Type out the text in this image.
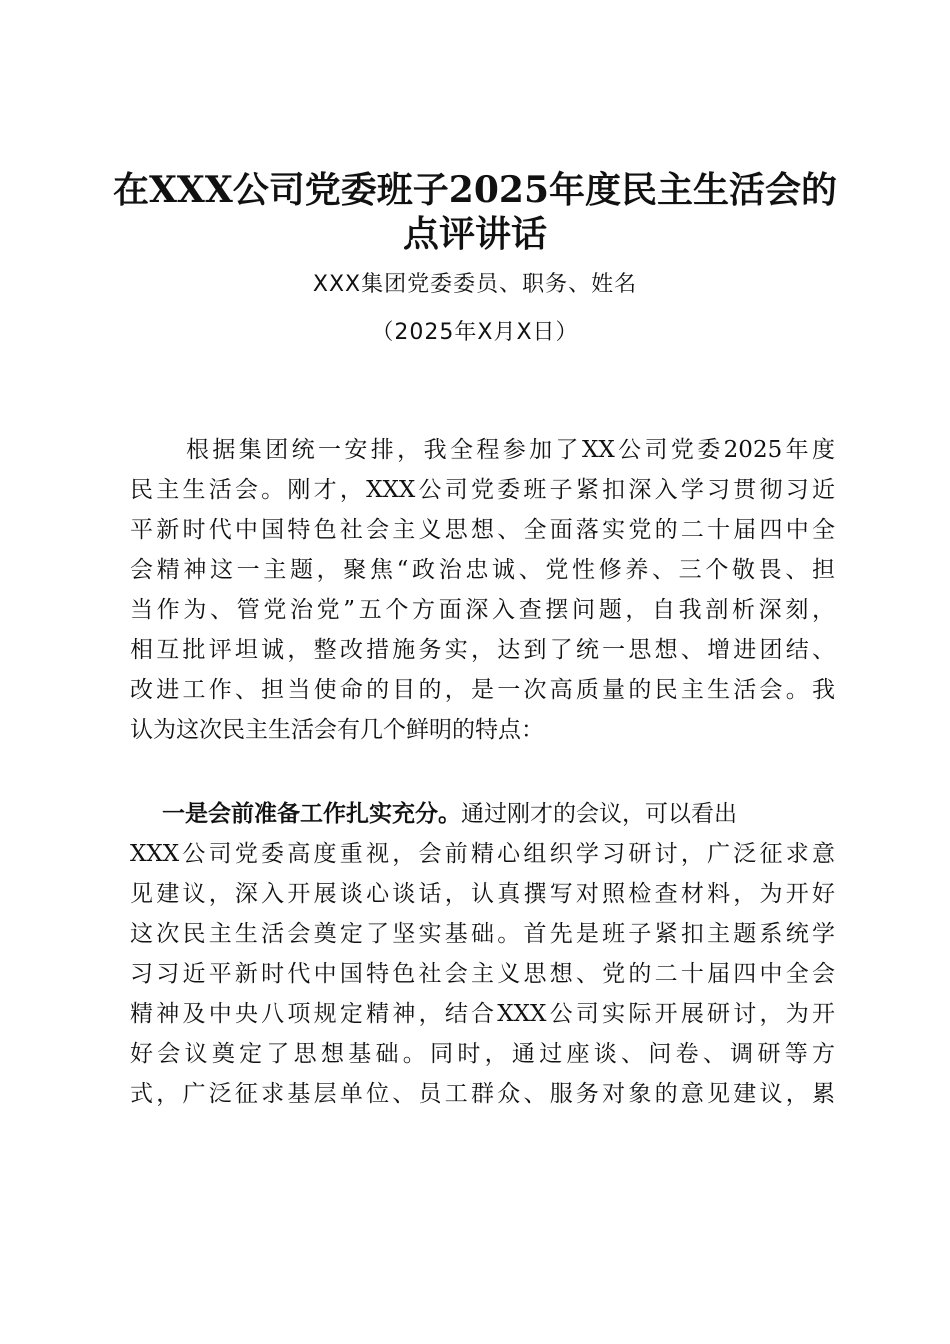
在XXX公司党委班子2025年度民主生活会的
点评讲话
XXX集团党委委员、职务、姓名
（2025年X月X日）
根据集团统一安排，我全程参加了XX公司党委2025年度
民主生活会。刚才，XXX公司党委班子紧扣深入学习贯彻习近
平新时代中国特色社会主义思想、全面落实党的二十届四中全
会精神这一主题，聚焦“政治忠诚、党性修养、三个敬畏、担
当作为、管党治党”五个方面深入查摆问题，自我剖析深刻，
相互批评坦诚，整改措施务实，达到了统一思想、增进团结、
改进工作、担当使命的目的，是一次高质量的民主生活会。我
认为这次民主生活会有几个鲜明的特点：
一是会前准备工作扎实充分。通过刚才的会议，可以看出
XXX公司党委高度重视，会前精心组织学习研讨，广泛征求意
见建议，深入开展谈心谈话，认真撰写对照检查材料，为开好
这次民主生活会奠定了坚实基础。首先是班子紧扣主题系统学
习习近平新时代中国特色社会主义思想、党的二十届四中全会
精神及中央八项规定精神，结合XXX公司实际开展研讨，为开
好会议奠定了思想基础。同时，通过座谈、问卷、调研等方
式，广泛征求基层单位、员工群众、服务对象的意见建议，累
